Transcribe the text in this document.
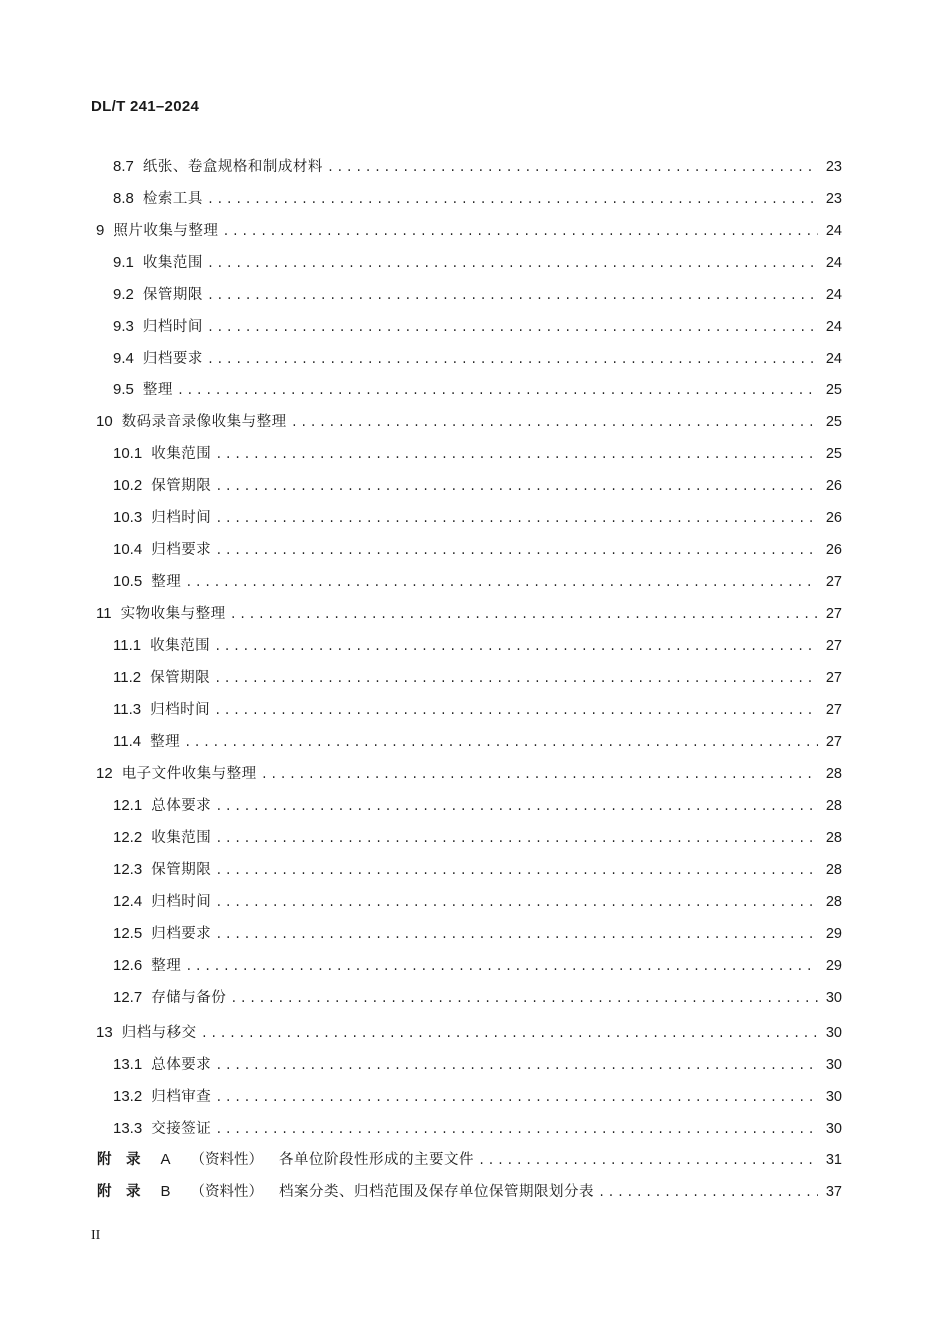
DL/T 241–2024
8.7 纸张、卷盒规格和制成材料 .....	23
8.8 检索工具 .....	23
9 照片收集与整理 .....	24
9.1 收集范围 .....	24
9.2 保管期限 .....	24
9.3 归档时间 .....	24
9.4 归档要求 .....	24
9.5 整理 .....	25
10 数码录音录像收集与整理 .....	25
10.1 收集范围 .....	25
10.2 保管期限 .....	26
10.3 归档时间 .....	26
10.4 归档要求 .....	26
10.5 整理 .....	27
11 实物收集与整理 .....	27
11.1 收集范围 .....	27
11.2 保管期限 .....	27
11.3 归档时间 .....	27
11.4 整理 .....	27
12 电子文件收集与整理 .....	28
12.1 总体要求 .....	28
12.2 收集范围 .....	28
12.3 保管期限 .....	28
12.4 归档时间 .....	28
12.5 归档要求 .....	29
12.6 整理 .....	29
12.7 存储与备份 .....	30
13 归档与移交 .....	30
13.1 总体要求 .....	30
13.2 归档审查 .....	30
13.3 交接签证 .....	30
附　录 A （资料性） 各单位阶段性形成的主要文件 .....	31
附　录 B （资料性） 档案分类、归档范围及保存单位保管期限划分表 .....	37
II
